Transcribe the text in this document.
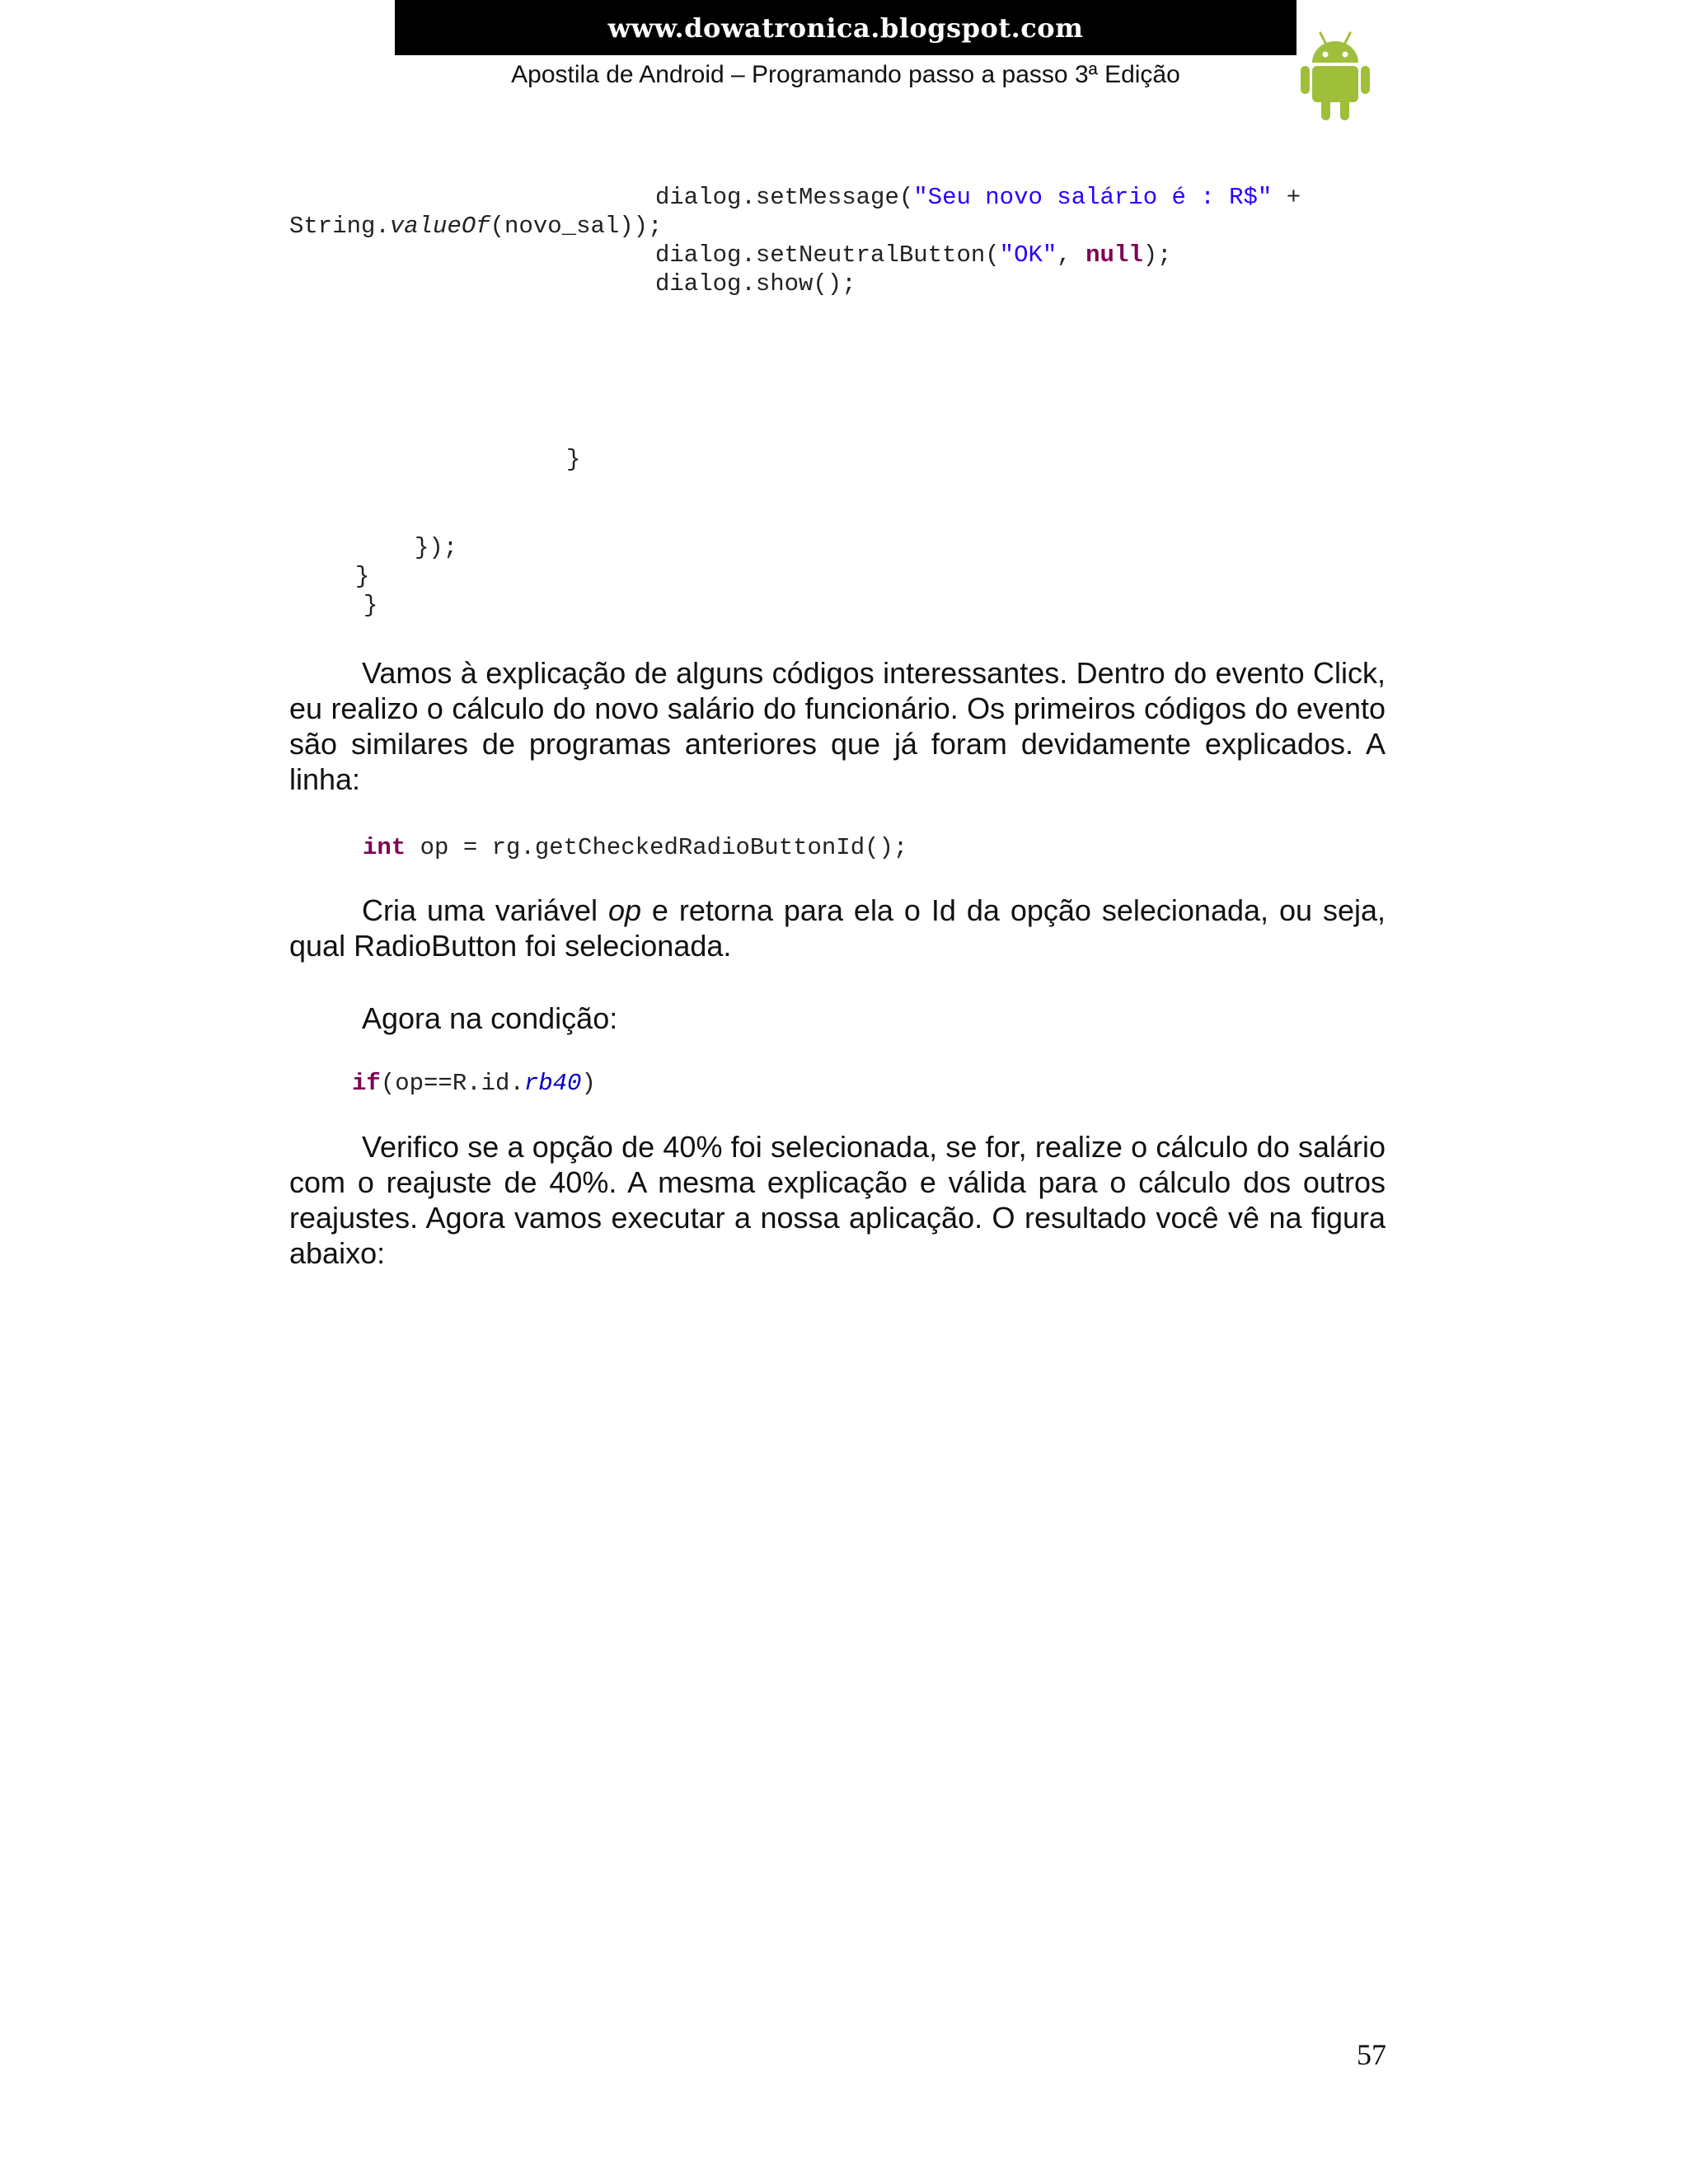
www.dowatronica.blogspot.com
Apostila de Android – Programando passo a passo 3ª Edição
dialog.setMessage("Seu novo salário é : R$" +
String.valueOf(novo_sal));
dialog.setNeutralButton("OK", null);
dialog.show();
}
});
}
}
Vamos à explicação de alguns códigos interessantes. Dentro do evento Click, eu realizo o cálculo do novo salário do funcionário. Os primeiros códigos do evento são similares de programas anteriores que já foram devidamente explicados. A linha:
int op = rg.getCheckedRadioButtonId();
Cria uma variável op e retorna para ela o Id da opção selecionada, ou seja, qual RadioButton foi selecionada.
Agora na condição:
if(op==R.id.rb40)
Verifico se a opção de 40% foi selecionada, se for, realize o cálculo do salário com o reajuste de 40%. A mesma explicação e válida para o cálculo dos outros reajustes. Agora vamos executar a nossa aplicação. O resultado você vê na figura abaixo:
57
